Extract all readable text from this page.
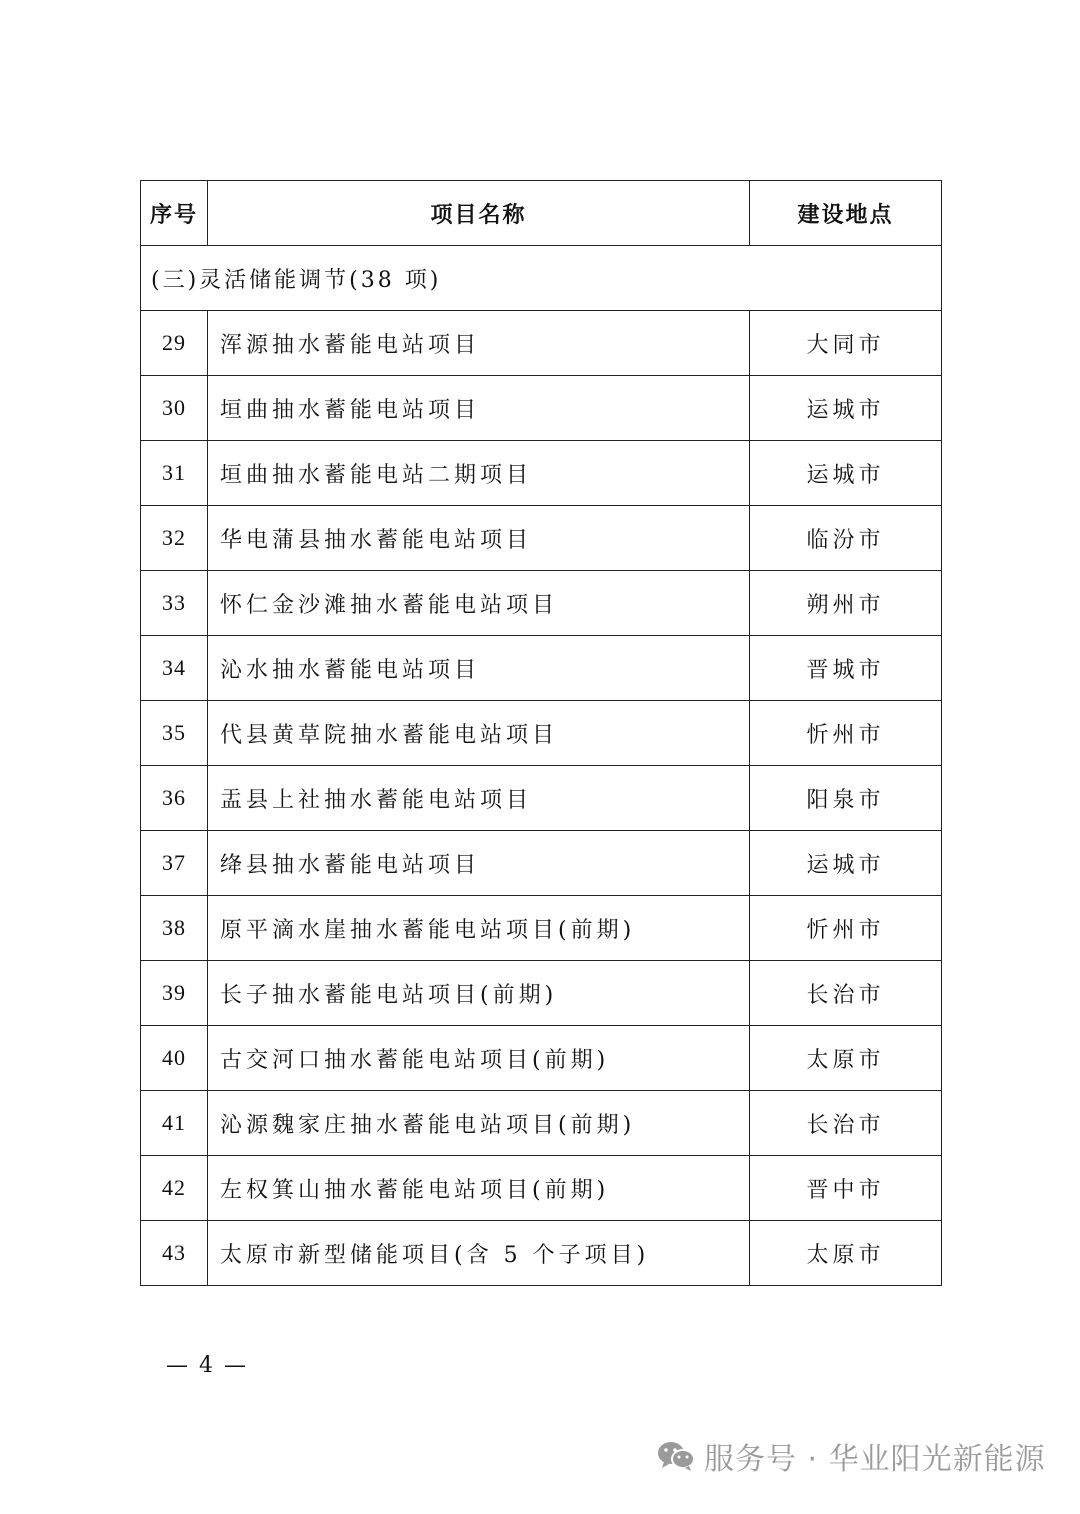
序号	项目名称	建设地点
(三)灵活储能调节(38 项)		
29	浑源抽水蓄能电站项目	大同市
30	垣曲抽水蓄能电站项目	运城市
31	垣曲抽水蓄能电站二期项目	运城市
32	华电蒲县抽水蓄能电站项目	临汾市
33	怀仁金沙滩抽水蓄能电站项目	朔州市
34	沁水抽水蓄能电站项目	晋城市
35	代县黄草院抽水蓄能电站项目	忻州市
36	盂县上社抽水蓄能电站项目	阳泉市
37	绛县抽水蓄能电站项目	运城市
38	原平滴水崖抽水蓄能电站项目(前期)	忻州市
39	长子抽水蓄能电站项目(前期)	长治市
40	古交河口抽水蓄能电站项目(前期)	太原市
41	沁源魏家庄抽水蓄能电站项目(前期)	长治市
42	左权箕山抽水蓄能电站项目(前期)	晋中市
43	太原市新型储能项目(含 5 个子项目)	太原市
— 4 —
服务号 · 华业阳光新能源
